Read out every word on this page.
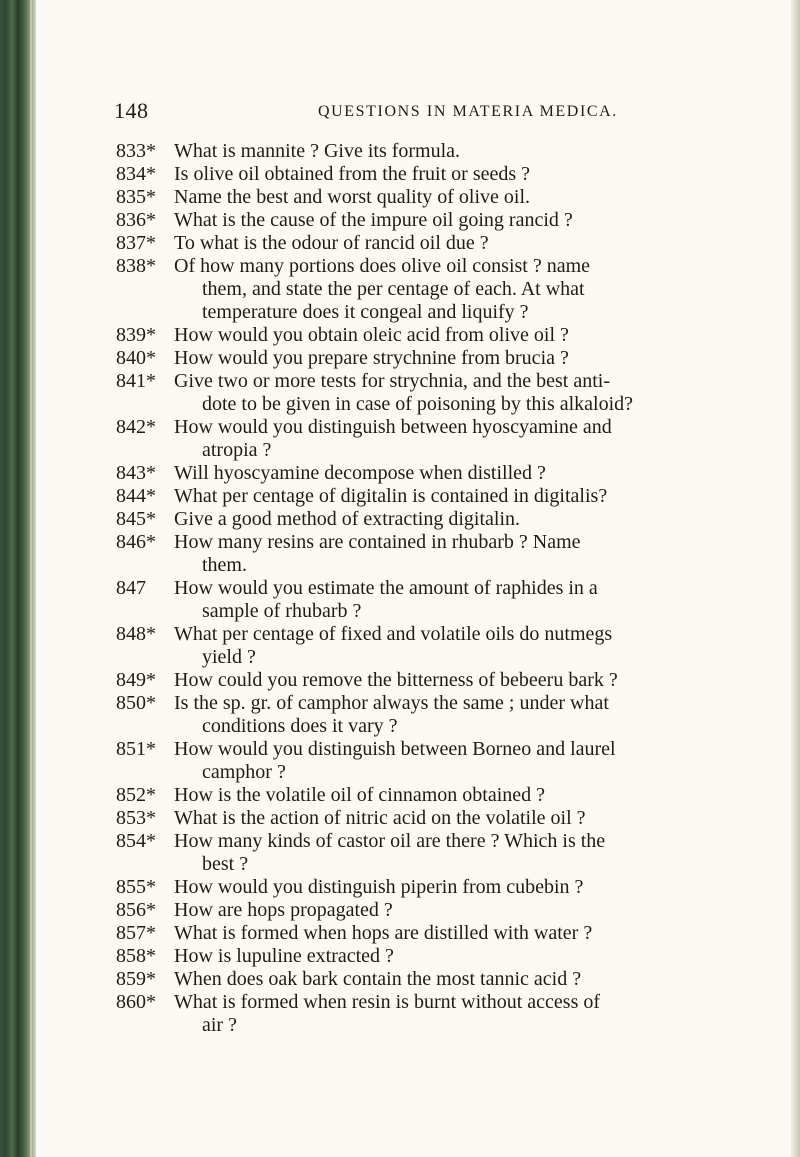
148	QUESTIONS IN MATERIA MEDICA.
833* What is mannite ? Give its formula.
834* Is olive oil obtained from the fruit or seeds ?
835* Name the best and worst quality of olive oil.
836* What is the cause of the impure oil going rancid ?
837* To what is the odour of rancid oil due ?
838* Of how many portions does olive oil consist ? name
them, and state the per centage of each. At what
temperature does it congeal and liquify ?
839* How would you obtain oleic acid from olive oil ?
840* How would you prepare strychnine from brucia ?
841* Give two or more tests for strychnia, and the best anti-
dote to be given in case of poisoning by this alkaloid?
842* How would you distinguish between hyoscyamine and
atropia ?
843* Will hyoscyamine decompose when distilled ?
844* What per centage of digitalin is contained in digitalis?
845* Give a good method of extracting digitalin.
846* How many resins are contained in rhubarb ? Name
them.
847	How would you estimate the amount of raphides in a
sample of rhubarb ?
848* What per centage of fixed and volatile oils do nutmegs
yield ?
849* How could you remove the bitterness of bebeeru bark ?
850* Is the sp. gr. of camphor always the same ; under what
conditions does it vary ?
851* How would you distinguish between Borneo and laurel
camphor ?
852* How is the volatile oil of cinnamon obtained ?
853* What is the action of nitric acid on the volatile oil ?
854* How many kinds of castor oil are there ? Which is the
best ?
855* How would you distinguish piperin from cubebin ?
856* How are hops propagated ?
857* What is formed when hops are distilled with water ?
858* How is lupuline extracted ?
859* When does oak bark contain the most tannic acid ?
860* What is formed when resin is burnt without access of
air ?
